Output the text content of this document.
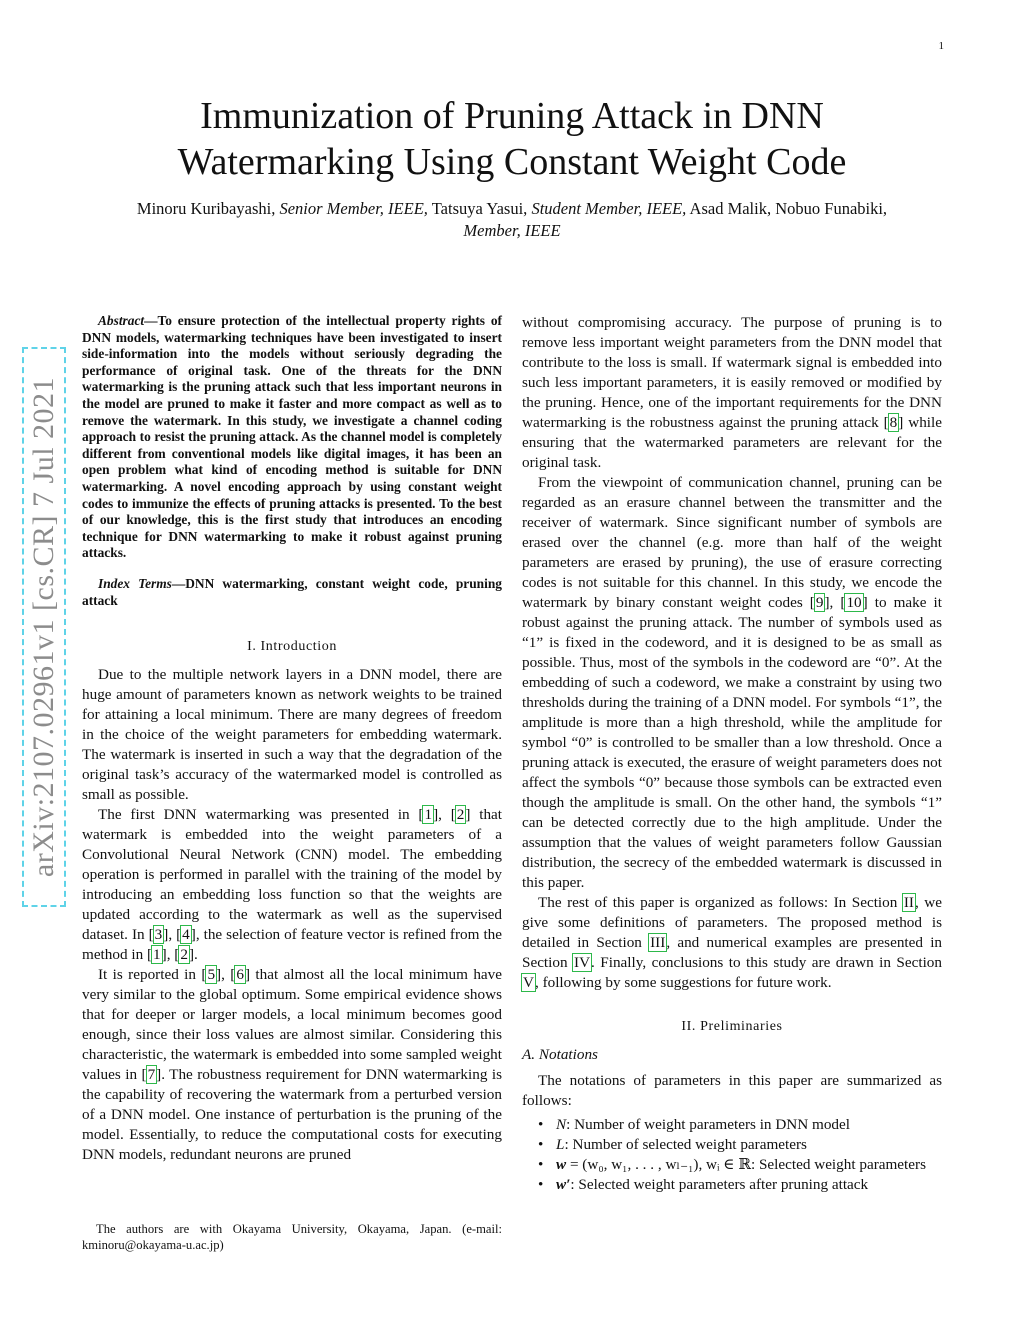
1
arXiv:2107.02961v1 [cs.CR] 7 Jul 2021
Immunization of Pruning Attack in DNN
Watermarking Using Constant Weight Code
Minoru Kuribayashi, Senior Member, IEEE, Tatsuya Yasui, Student Member, IEEE, Asad Malik, Nobuo Funabiki, Member, IEEE

Abstract—To ensure protection of the intellectual property rights of DNN models, watermarking techniques have been investigated to insert side-information into the models without seriously degrading the performance of original task. One of the threats for the DNN watermarking is the pruning attack such that less important neurons in the model are pruned to make it faster and more compact as well as to remove the watermark. In this study, we investigate a channel coding approach to resist the pruning attack. As the channel model is completely different from conventional models like digital images, it has been an open problem what kind of encoding method is suitable for DNN watermarking. A novel encoding approach by using constant weight codes to immunize the effects of pruning attacks is presented. To the best of our knowledge, this is the first study that introduces an encoding technique for DNN watermarking to make it robust against pruning attacks.

Index Terms—DNN watermarking, constant weight code, pruning attack

I. Introduction

Due to the multiple network layers in a DNN model, there are huge amount of parameters known as network weights to be trained for attaining a local minimum. There are many degrees of freedom in the choice of the weight parameters for embedding watermark. The watermark is inserted in such a way that the degradation of the original task’s accuracy of the watermarked model is controlled as small as possible.

The first DNN watermarking was presented in [1], [2] that watermark is embedded into the weight parameters of a Convolutional Neural Network (CNN) model. The embedding operation is performed in parallel with the training of the model by introducing an embedding loss function so that the weights are updated according to the watermark as well as the supervised dataset. In [3], [4], the selection of feature vector is refined from the method in [1], [2].

It is reported in [5], [6] that almost all the local minimum have very similar to the global optimum. Some empirical evidence shows that for deeper or larger models, a local minimum becomes good enough, since their loss values are almost similar. Considering this characteristic, the watermark is embedded into some sampled weight values in [7]. The robustness requirement for DNN watermarking is the capability of recovering the watermark from a perturbed version of a DNN model. One instance of perturbation is the pruning of the model. Essentially, to reduce the computational costs for executing DNN models, redundant neurons are pruned

The authors are with Okayama University, Okayama, Japan. (e-mail: kminoru@okayama-u.ac.jp)

without compromising accuracy. The purpose of pruning is to remove less important weight parameters from the DNN model that contribute to the loss is small. If watermark signal is embedded into such less important parameters, it is easily removed or modified by the pruning. Hence, one of the important requirements for the DNN watermarking is the robustness against the pruning attack [8] while ensuring that the watermarked parameters are relevant for the original task.

From the viewpoint of communication channel, pruning can be regarded as an erasure channel between the transmitter and the receiver of watermark. Since significant number of symbols are erased over the channel (e.g. more than half of the weight parameters are erased by pruning), the use of erasure correcting codes is not suitable for this channel. In this study, we encode the watermark by binary constant weight codes [9], [10] to make it robust against the pruning attack. The number of symbols used as “1” is fixed in the codeword, and it is designed to be as small as possible. Thus, most of the symbols in the codeword are “0”. At the embedding of such a codeword, we make a constraint by using two thresholds during the training of a DNN model. For symbols “1”, the amplitude is more than a high threshold, while the amplitude for symbol “0” is controlled to be smaller than a low threshold. Once a pruning attack is executed, the erasure of weight parameters does not affect the symbols “0” because those symbols can be extracted even though the amplitude is small. On the other hand, the symbols “1” can be detected correctly due to the high amplitude. Under the assumption that the values of weight parameters follow Gaussian distribution, the secrecy of the embedded watermark is discussed in this paper.

The rest of this paper is organized as follows: In Section II, we give some definitions of parameters. The proposed method is detailed in Section III, and numerical examples are presented in Section IV. Finally, conclusions to this study are drawn in Section V, following by some suggestions for future work.

II. Preliminaries
A. Notations

The notations of parameters in this paper are summarized as follows:

• N: Number of weight parameters in DNN model
• L: Number of selected weight parameters
• w = (w₀, w₁, . . . , wₗ₋₁), wᵢ ∈ ℝ: Selected weight parameters
• w′: Selected weight parameters after pruning attack
